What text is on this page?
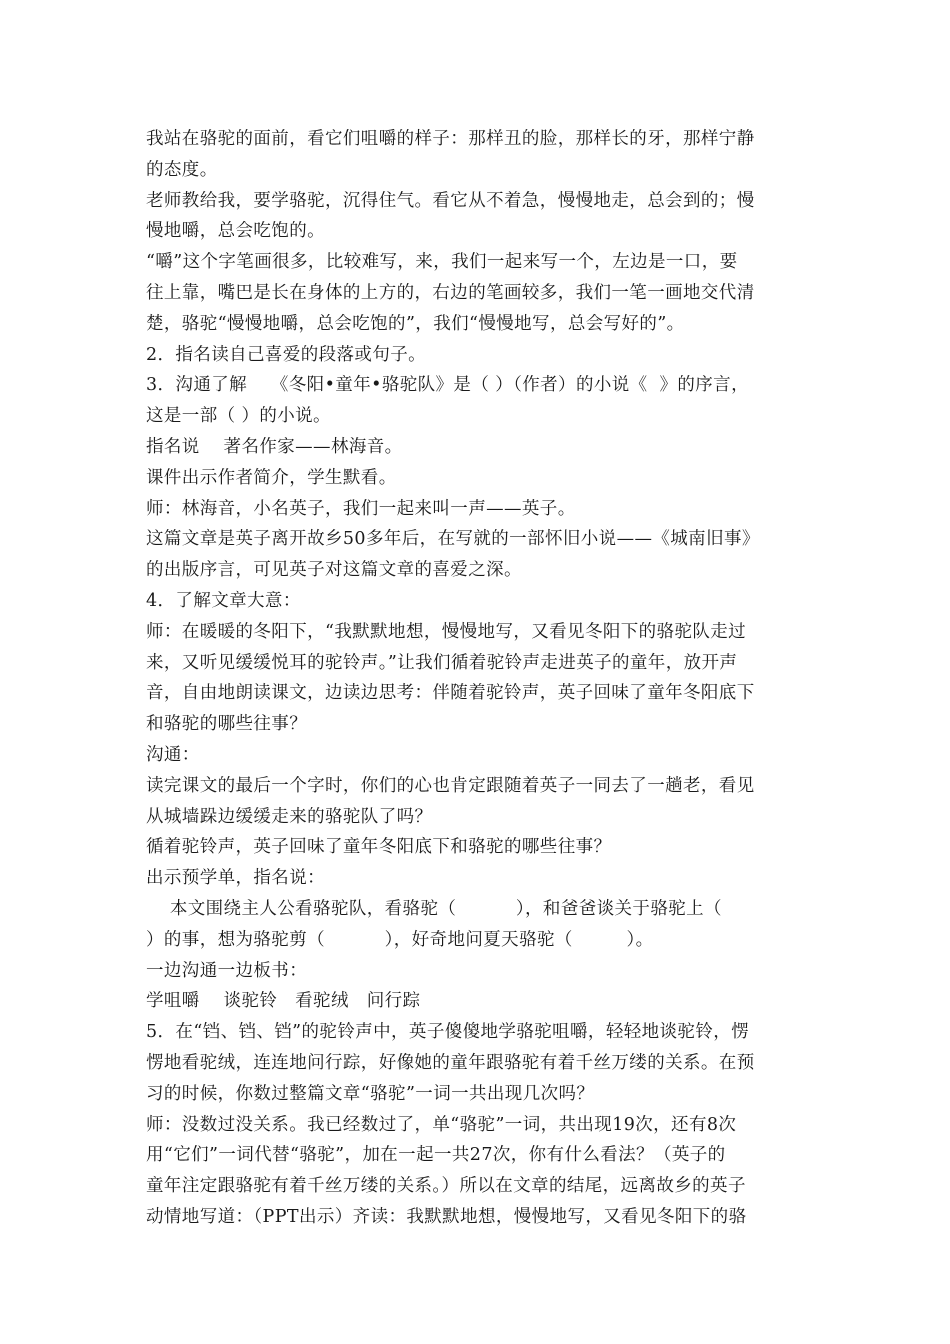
我站在骆驼的面前，看它们咀嚼的样子：那样丑的脸，那样长的牙，那样宁静
的态度。
老师教给我，要学骆驼，沉得住气。看它从不着急，慢慢地走，总会到的；慢
慢地嚼，总会吃饱的。
“嚼”这个字笔画很多，比较难写，来，我们一起来写一个，左边是一口，要
往上靠，嘴巴是长在身体的上方的，右边的笔画较多，我们一笔一画地交代清
楚，骆驼“慢慢地嚼，总会吃饱的”，我们“慢慢地写，总会写好的”。
2．指名读自己喜爱的段落或句子。
3．沟通了解    《冬阳•童年•骆驼队》是（ ）（作者）的小说《  》的序言，
这是一部（ ）的小说。
指名说    著名作家——林海音。
课件出示作者简介，学生默看。
师：林海音，小名英子，我们一起来叫一声——英子。
这篇文章是英子离开故乡50多年后，在写就的一部怀旧小说——《城南旧事》
的出版序言，可见英子对这篇文章的喜爱之深。
4．了解文章大意：
师：在暖暖的冬阳下，“我默默地想，慢慢地写，又看见冬阳下的骆驼队走过
来，又听见缓缓悦耳的驼铃声。”让我们循着驼铃声走进英子的童年，放开声
音，自由地朗读课文，边读边思考：伴随着驼铃声，英子回味了童年冬阳底下
和骆驼的哪些往事？
沟通：
读完课文的最后一个字时，你们的心也肯定跟随着英子一同去了一趟老，看见
从城墙跺边缓缓走来的骆驼队了吗？
循着驼铃声，英子回味了童年冬阳底下和骆驼的哪些往事？
出示预学单，指名说：
本文围绕主人公看骆驼队，看骆驼（          ），和爸爸谈关于骆驼上（
）的事，想为骆驼剪（          ），好奇地问夏天骆驼（         ）。
一边沟通一边板书：
学咀嚼    谈驼铃   看驼绒   问行踪
5．在“铛、铛、铛”的驼铃声中，英子傻傻地学骆驼咀嚼，轻轻地谈驼铃，愣
愣地看驼绒，连连地问行踪，好像她的童年跟骆驼有着千丝万缕的关系。在预
习的时候，你数过整篇文章“骆驼”一词一共出现几次吗？
师：没数过没关系。我已经数过了，单“骆驼”一词，共出现19次，还有8次
用“它们”一词代替“骆驼”，加在一起一共27次，你有什么看法？（英子的
童年注定跟骆驼有着千丝万缕的关系。）所以在文章的结尾，远离故乡的英子
动情地写道：（PPT出示）齐读：我默默地想，慢慢地写，又看见冬阳下的骆
